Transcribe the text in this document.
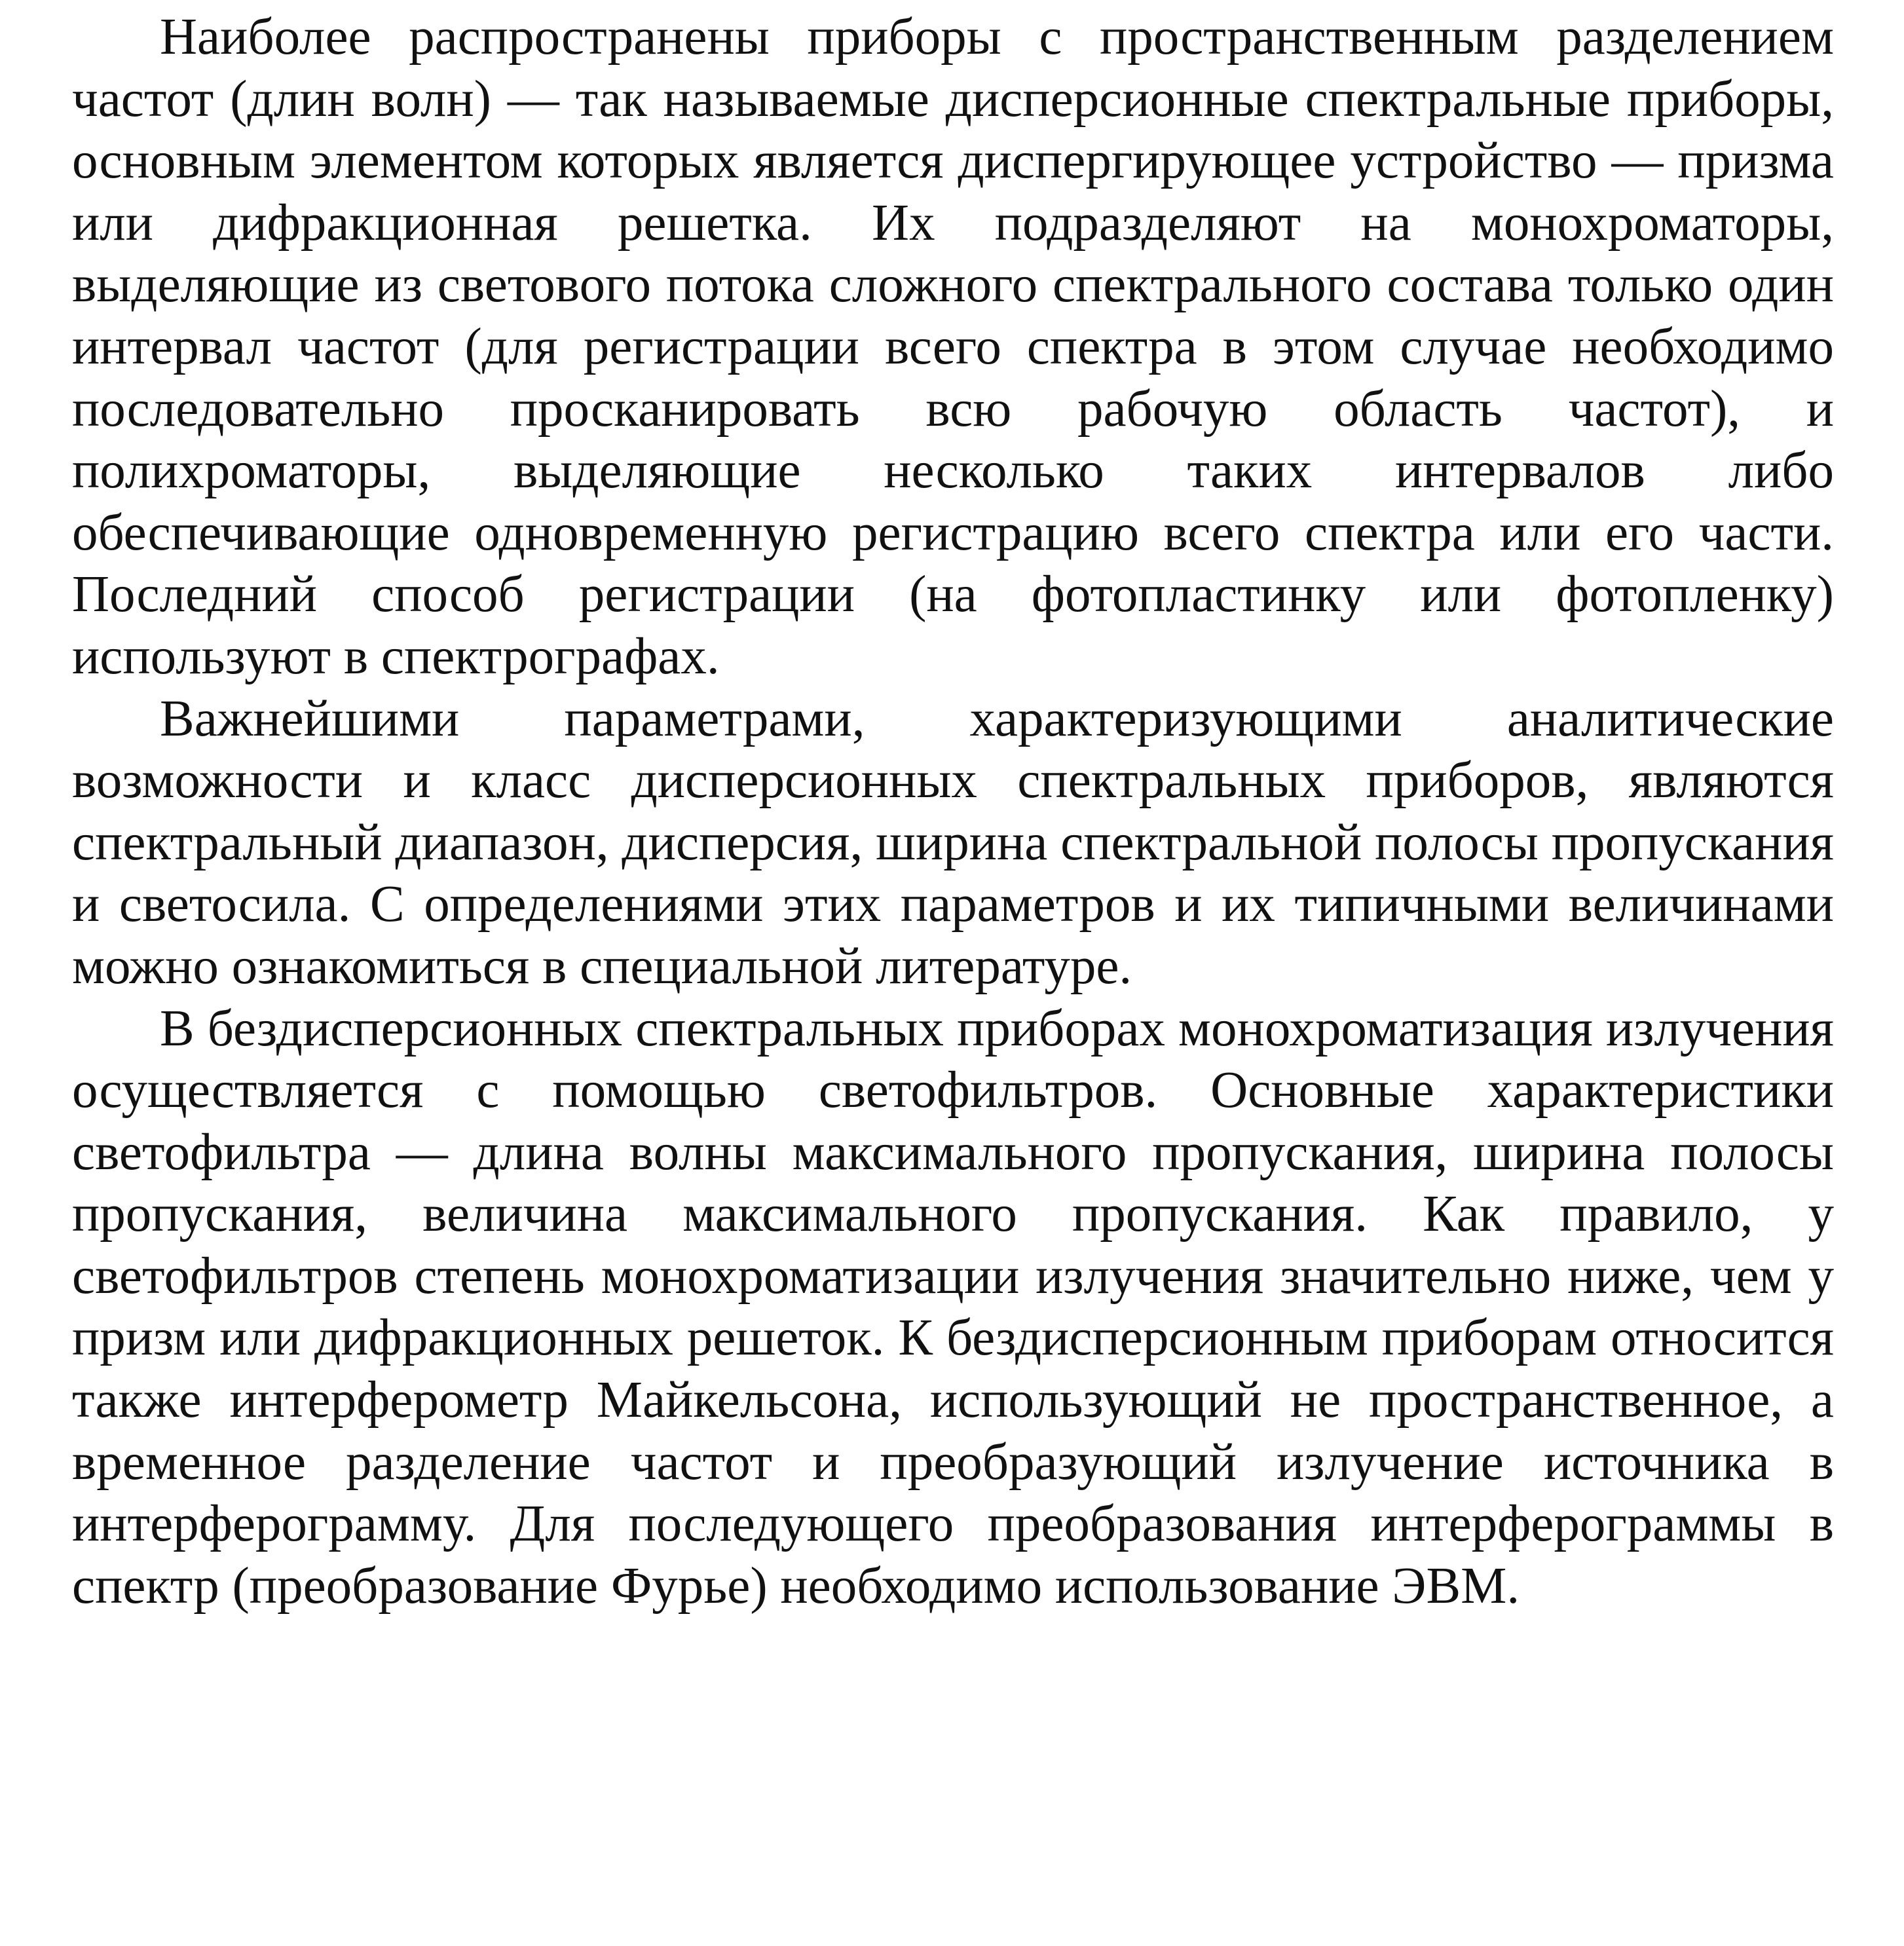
Наиболее распространены приборы с пространственным разделением частот (длин волн) — так называемые дисперсионные спектральные приборы, основным элементом которых является диспергирующее устройство — призма или дифракционная решетка. Их подразделяют на монохроматоры, выделяющие из светового потока сложного спектрального состава только один интервал частот (для регистрации всего спектра в этом случае необходимо последовательно просканировать всю рабочую область частот), и полихроматоры, выделяющие несколько таких интервалов либо обеспечивающие одновременную регистрацию всего спектра или его части. Последний способ регистрации (на фотопластинку или фотопленку) используют в спектрографах.

Важнейшими параметрами, характеризующими аналитические возможности и класс дисперсионных спектральных приборов, являются спектральный диапазон, дисперсия, ширина спектральной полосы пропускания и светосила. С определениями этих параметров и их типичными величинами можно ознакомиться в специальной литературе.

В бездисперсионных спектральных приборах монохроматизация излучения осуществляется с помощью светофильтров. Основные характеристики светофильтра — длина волны максимального пропускания, ширина полосы пропускания, величина максимального пропускания. Как правило, у светофильтров степень монохроматизации излучения значительно ниже, чем у призм или дифракционных решеток. К бездисперсионным приборам относится также интерферометр Майкельсона, использующий не пространственное, а временное разделение частот и преобразующий излучение источника в интерферограмму. Для последующего преобразования интерферограммы в спектр (преобразование Фурье) необходимо использование ЭВМ.
